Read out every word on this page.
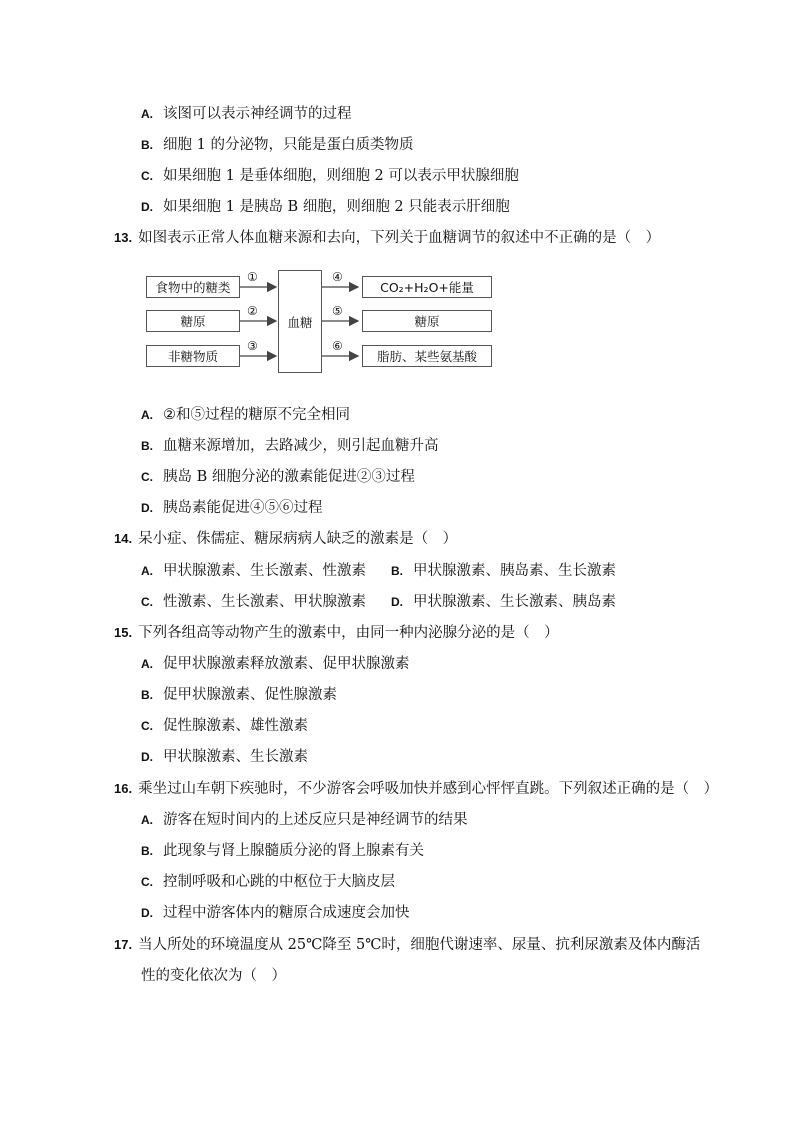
A. 该图可以表示神经调节的过程
B. 细胞 1 的分泌物，只能是蛋白质类物质
C. 如果细胞 1 是垂体细胞，则细胞 2 可以表示甲状腺细胞
D. 如果细胞 1 是胰岛 B 细胞，则细胞 2 只能表示肝细胞
13. 如图表示正常人体血糖来源和去向，下列关于血糖调节的叙述中不正确的是（　）
食物中的糖类
糖原
非糖物质
①
②
③
血糖
④
⑤
⑥
CO₂+H₂O+能量
糖原
脂肪、某些氨基酸
A. ②和⑤过程的糖原不完全相同
B. 血糖来源增加，去路减少，则引起血糖升高
C. 胰岛 B 细胞分泌的激素能促进②③过程
D. 胰岛素能促进④⑤⑥过程
14. 呆小症、侏儒症、糖尿病病人缺乏的激素是（　）
A. 甲状腺激素、生长激素、性激素 B. 甲状腺激素、胰岛素、生长激素
C. 性激素、生长激素、甲状腺激素 D. 甲状腺激素、生长激素、胰岛素
15. 下列各组高等动物产生的激素中，由同一种内泌腺分泌的是（　）
A. 促甲状腺激素释放激素、促甲状腺激素
B. 促甲状腺激素、促性腺激素
C. 促性腺激素、雄性激素
D. 甲状腺激素、生长激素
16. 乘坐过山车朝下疾驰时，不少游客会呼吸加快并感到心怦怦直跳。下列叙述正确的是（　）
A. 游客在短时间内的上述反应只是神经调节的结果
B. 此现象与肾上腺髓质分泌的肾上腺素有关
C. 控制呼吸和心跳的中枢位于大脑皮层
D. 过程中游客体内的糖原合成速度会加快
17. 当人所处的环境温度从 25℃降至 5℃时，细胞代谢速率、尿量、抗利尿激素及体内酶活
性的变化依次为（　）
